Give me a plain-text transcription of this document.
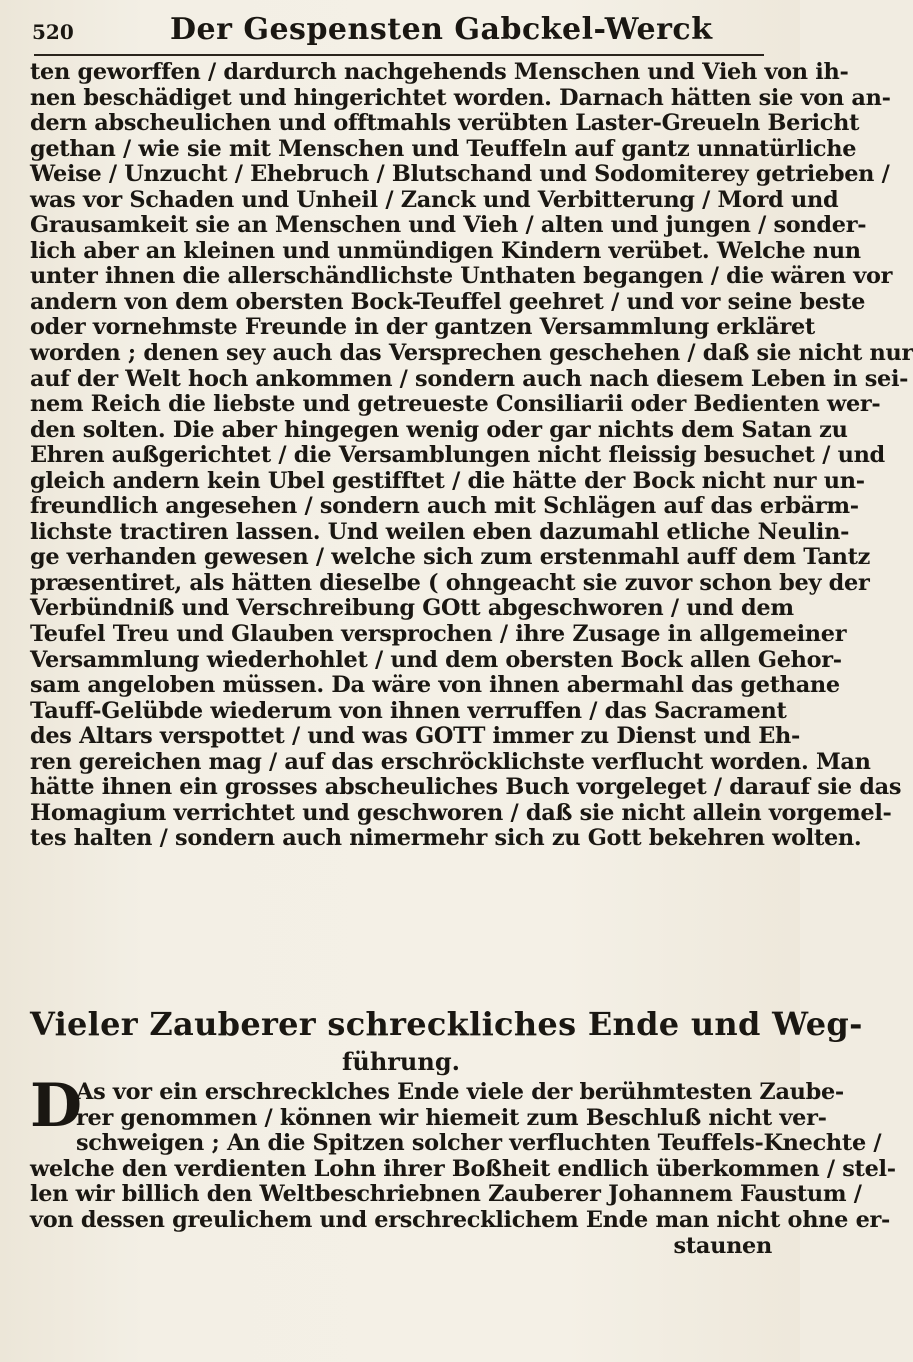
520	Der Gespensten Gabckel-Werck
ten geworffen / dardurch nachgehends Menschen und Vieh von ih-
nen beschädiget und hingerichtet worden. Darnach hätten sie von an-
dern abscheulichen und offtmahls verübten Laster-Greueln Bericht
gethan / wie sie mit Menschen und Teuffeln auf gantz unnatürliche
Weise / Unzucht / Ehebruch / Blutschand und Sodomiterey getrieben /
was vor Schaden und Unheil / Zanck und Verbitterung / Mord und
Grausamkeit sie an Menschen und Vieh / alten und jungen / sonder-
lich aber an kleinen und unmündigen Kindern verübet. Welche nun
unter ihnen die allerschändlichste Unthaten begangen / die wären vor
andern von dem obersten Bock-Teuffel geehret / und vor seine beste
oder vornehmste Freunde in der gantzen Versammlung erkläret
worden ; denen sey auch das Versprechen geschehen / daß sie nicht nur
auf der Welt hoch ankommen / sondern auch nach diesem Leben in sei-
nem Reich die liebste und getreueste Consiliarii oder Bedienten wer-
den solten. Die aber hingegen wenig oder gar nichts dem Satan zu
Ehren außgerichtet / die Versamblungen nicht fleissig besuchet / und
gleich andern kein Ubel gestifftet / die hätte der Bock nicht nur un-
freundlich angesehen / sondern auch mit Schlägen auf das erbärm-
lichste tractiren lassen. Und weilen eben dazumahl etliche Neulin-
ge verhanden gewesen / welche sich zum erstenmahl auff dem Tantz
præsentiret, als hätten dieselbe ( ohngeacht sie zuvor schon bey der
Verbündniß und Verschreibung GOtt abgeschworen / und dem
Teufel Treu und Glauben versprochen / ihre Zusage in allgemeiner
Versammlung wiederhohlet / und dem obersten Bock allen Gehor-
sam angeloben müssen. Da wäre von ihnen abermahl das gethane
Tauff-Gelübde wiederum von ihnen verruffen / das Sacrament
des Altars verspottet / und was GOTT immer zu Dienst und Eh-
ren gereichen mag / auf das erschröcklichste verflucht worden. Man
hätte ihnen ein grosses abscheuliches Buch vorgeleget / darauf sie das
Homagium verrichtet und geschworen / daß sie nicht allein vorgemel-
tes halten / sondern auch nimermehr sich zu Gott bekehren wolten.
Vieler Zauberer schreckliches Ende und Weg-
führung.
D
As vor ein erschrecklches Ende viele der berühmtesten Zaube-
rer genommen / können wir hiemeit zum Beschluß nicht ver-
schweigen ; An die Spitzen solcher verfluchten Teuffels-Knechte /
welche den verdienten Lohn ihrer Boßheit endlich überkommen / stel-
len wir billich den Weltbeschriebnen Zauberer Johannem Faustum /
von dessen greulichem und erschrecklichem Ende man nicht ohne er-
staunen
